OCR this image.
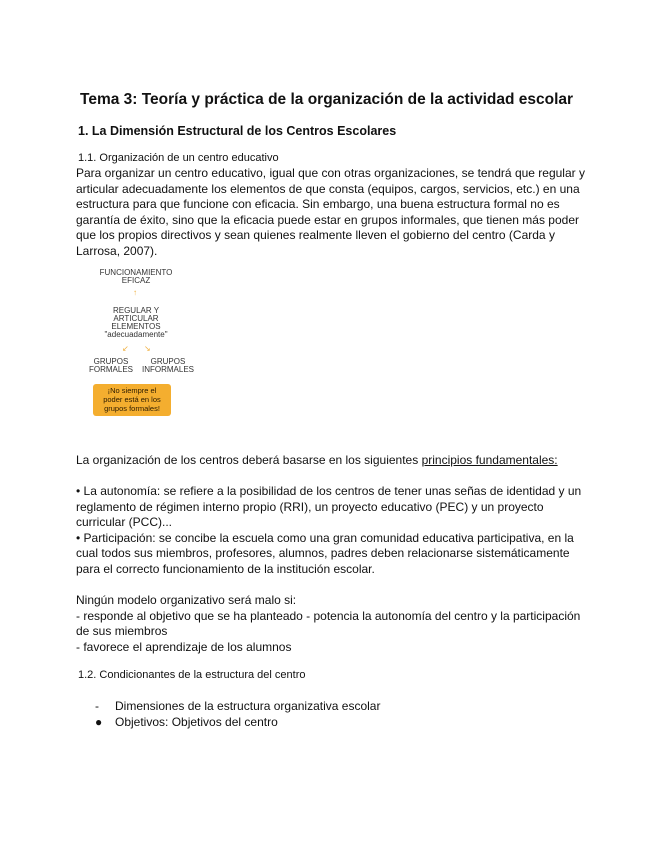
Tema 3: Teoría y práctica de la organización de la actividad escolar
1. La Dimensión Estructural de los Centros Escolares
1.1. Organización de un centro educativo
Para organizar un centro educativo, igual que con otras organizaciones, se tendrá que regular y
articular adecuadamente los elementos de que consta (equipos, cargos, servicios, etc.) en una
estructura para que funcione con eficacia. Sin embargo, una buena estructura formal no es
garantía de éxito, sino que la eficacia puede estar en grupos informales, que tienen más poder
que los propios directivos y sean quienes realmente lleven el gobierno del centro (Carda y
Larrosa, 2007).
FUNCIONAMIENTO
EFICAZ
↑
REGULAR Y
ARTICULAR
ELEMENTOS
"adecuadamente"
↙ ↘
GRUPOS
FORMALES
GRUPOS
INFORMALES
¡No siempre el
poder está en los
grupos formales!
La organización de los centros deberá basarse en los siguientes principios fundamentales:
• La autonomía: se refiere a la posibilidad de los centros de tener unas señas de identidad y un
reglamento de régimen interno propio (RRI), un proyecto educativo (PEC) y un proyecto
curricular (PCC)...
• Participación: se concibe la escuela como una gran comunidad educativa participativa, en la
cual todos sus miembros, profesores, alumnos, padres deben relacionarse sistemáticamente
para el correcto funcionamiento de la institución escolar.
Ningún modelo organizativo será malo si:
- responde al objetivo que se ha planteado - potencia la autonomía del centro y la participación
de sus miembros
- favorece el aprendizaje de los alumnos
1.2. Condicionantes de la estructura del centro
- Dimensiones de la estructura organizativa escolar
● Objetivos: Objetivos del centro
